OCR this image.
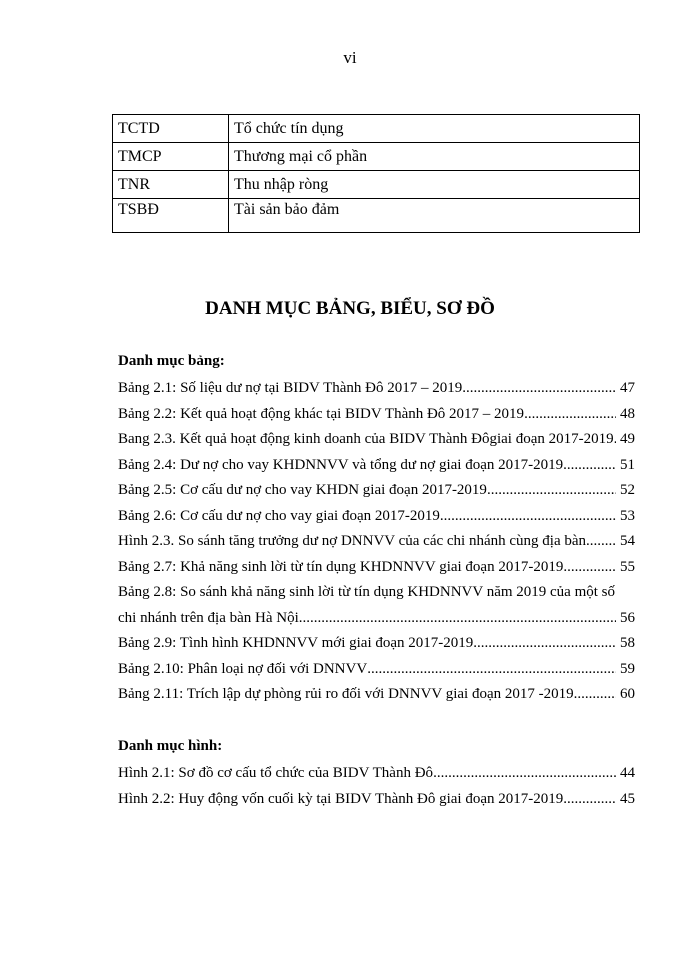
vi
TCTD	Tổ chức tín dụng
TMCP	Thương mại cổ phần
TNR	Thu nhập ròng
TSBĐ	Tài sản bảo đảm
DANH MỤC BẢNG, BIỂU, SƠ ĐỒ
Danh mục bảng:
Bảng 2.1: Số liệu dư nợ tại BIDV Thành Đô 2017 – 2019 .....	47
Bảng 2.2: Kết quả hoạt động khác tại BIDV Thành Đô 2017 – 2019 .....	48
Bang 2.3. Kết quả hoạt động kinh doanh của BIDV Thành Đôgiai đoạn 2017-2019 ..... 49
Bảng 2.4: Dư nợ cho vay KHDNNVV và tổng dư nợ giai đoạn 2017-2019 .....	51
Bảng 2.5: Cơ cấu dư nợ cho vay KHDN giai đoạn 2017-2019 .....	52
Bảng 2.6: Cơ cấu dư nợ cho vay giai đoạn 2017-2019 .....	53
Hình 2.3. So sánh tăng trưởng dư nợ DNNVV của các chi nhánh cùng địa bàn ..... 54
Bảng 2.7: Khả năng sinh lời từ tín dụng KHDNNVV giai đoạn 2017-2019 .....	55
Bảng 2.8: So sánh khả năng sinh lời từ tín dụng KHDNNVV năm 2019 của một số
chi nhánh trên địa bàn Hà Nội .....	56
Bảng 2.9: Tình hình KHDNNVV mới giai đoạn 2017-2019 .....	58
Bảng 2.10: Phân loại nợ đối với DNNVV .....	59
Bảng 2.11: Trích lập dự phòng rủi ro đối với DNNVV giai đoạn 2017 -2019 .....	60
Danh mục hình:
Hình 2.1: Sơ đồ cơ cấu tổ chức của BIDV Thành Đô .....	44
Hình 2.2: Huy động vốn cuối kỳ tại BIDV Thành Đô giai đoạn 2017-2019 .....	45
